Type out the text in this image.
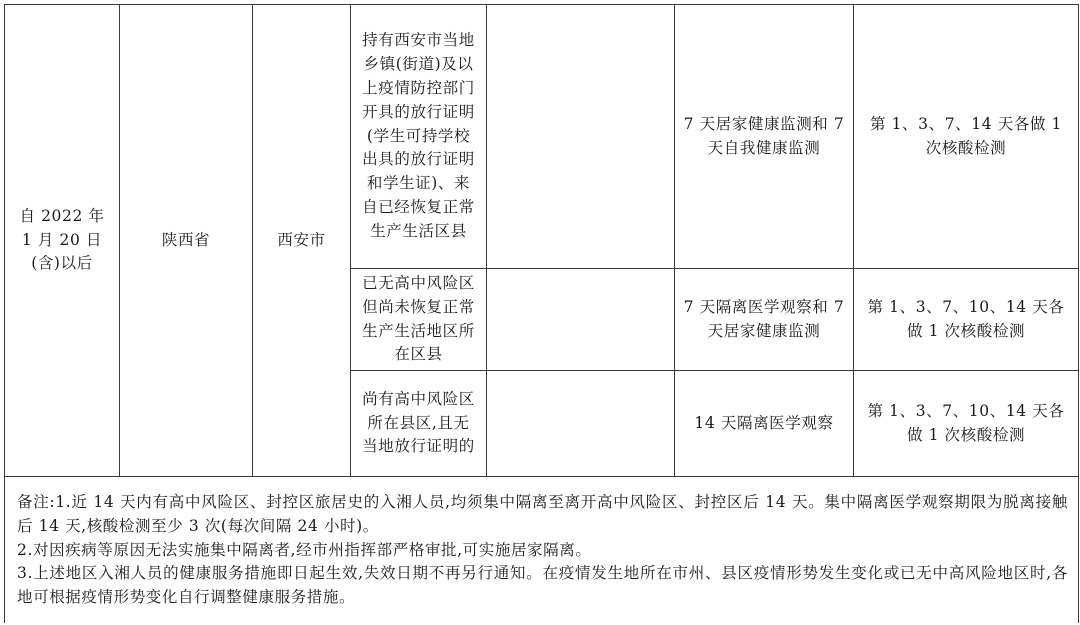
自 2022 年 1 月 20 日(含)以后	陕西省	西安市	持有西安市当地乡镇(街道)及以上疫情防控部门开具的放行证明(学生可持学校出具的放行证明和学生证)、来自已经恢复正常生产生活区县		7 天居家健康监测和 7 天自我健康监测	第 1、3、7、14 天各做 1 次核酸检测

			已无高中风险区但尚未恢复正常生产生活地区所在区县		7 天隔离医学观察和 7 天居家健康监测	第 1、3、7、10、14 天各做 1 次核酸检测

			尚有高中风险区所在县区,且无当地放行证明的		14 天隔离医学观察	第 1、3、7、10、14 天各做 1 次核酸检测

备注:1.近 14 天内有高中风险区、封控区旅居史的入湘人员,均须集中隔离至离开高中风险区、封控区后 14 天。集中隔离医学观察期限为脱离接触后 14 天,核酸检测至少 3 次(每次间隔 24 小时)。
2.对因疾病等原因无法实施集中隔离者,经市州指挥部严格审批,可实施居家隔离。
3.上述地区入湘人员的健康服务措施即日起生效,失效日期不再另行通知。在疫情发生地所在市州、县区疫情形势发生变化或已无中高风险地区时,各地可根据疫情形势变化自行调整健康服务措施。						
